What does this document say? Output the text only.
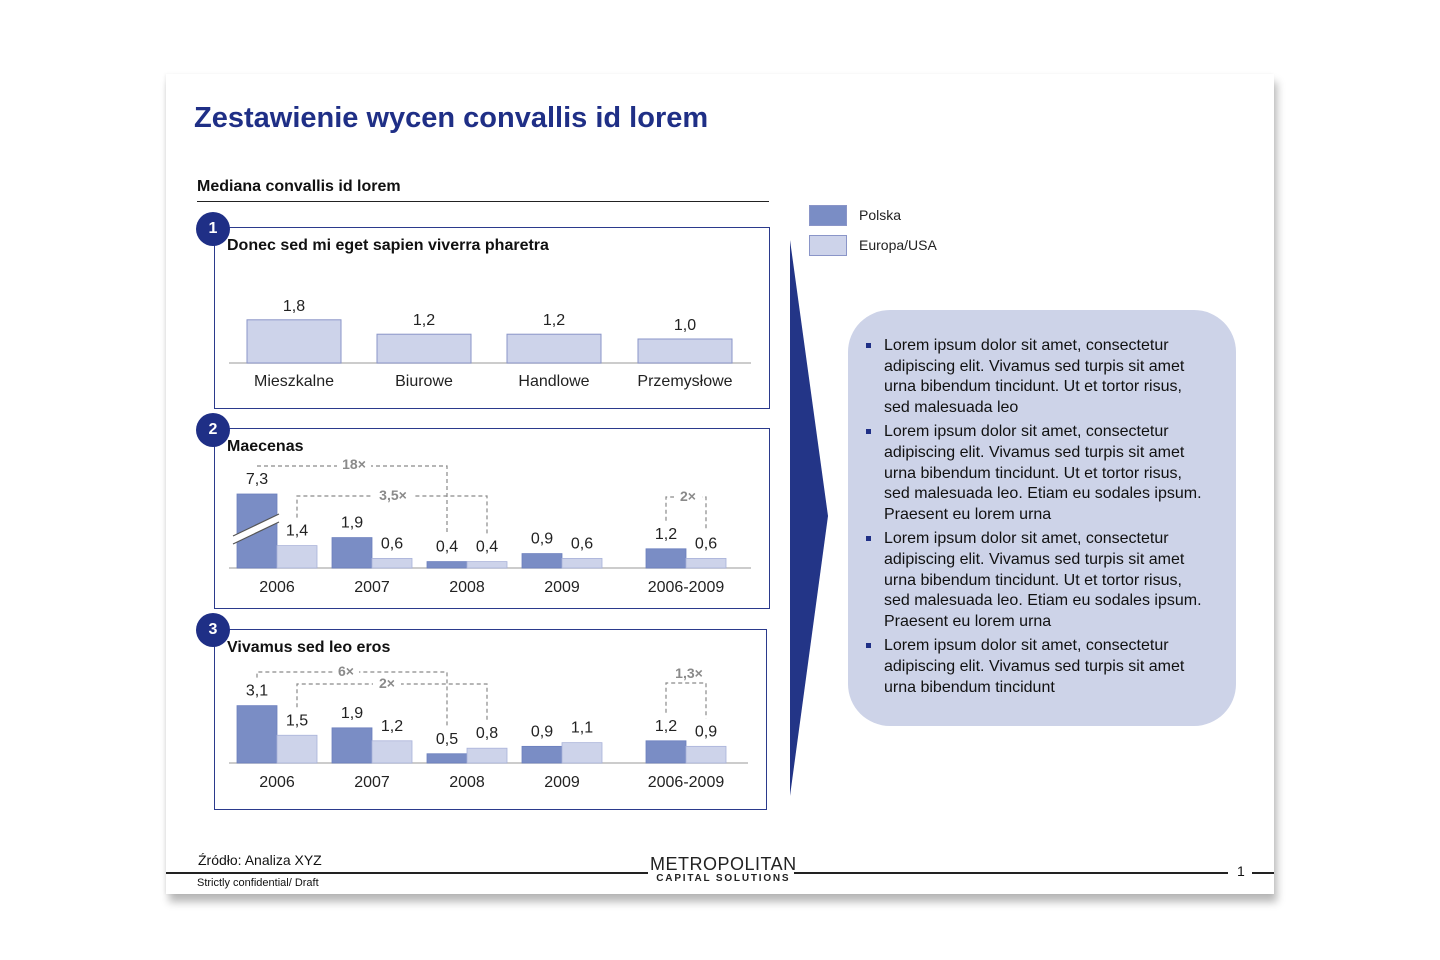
Zestawienie wycen convallis id lorem
Mediana convallis id lorem
Donec sed mi eget sapien viverra pharetra
1,8
Mieszkalne
1,2
Biurowe
1,2
Handlowe
1,0
Przemysłowe
1
Maecenas
7,3
1,4
2006
1,9
0,6
2007
0,4 0,4
2008
0,9 0,6
2009
1,2
0,6
2006-2009
18×
3,5×	2×
2
Vivamus sed leo eros
3,1
1,5
2006
1,9
1,2
2007
0,5 0,8
2008
0,9 1,1
2009
1,2 0,9
2006-2009
6×
2×
1,3×
3
Polska
Europa/USA
Lorem ipsum dolor sit amet, consectetur adipiscing elit. Vivamus sed turpis sit amet urna bibendum tincidunt. Ut et tortor risus, sed malesuada leo
Lorem ipsum dolor sit amet, consectetur adipiscing elit. Vivamus sed turpis sit amet urna bibendum tincidunt. Ut et tortor risus, sed malesuada leo. Etiam eu sodales ipsum. Praesent eu lorem urna
Lorem ipsum dolor sit amet, consectetur adipiscing elit. Vivamus sed turpis sit amet urna bibendum tincidunt. Ut et tortor risus, sed malesuada leo. Etiam eu sodales ipsum. Praesent eu lorem urna
Lorem ipsum dolor sit amet, consectetur adipiscing elit. Vivamus sed turpis sit amet urna bibendum tincidunt
Źródło: Analiza XYZ
Strictly confidential/ Draft
METROPOLITAN
CAPITAL SOLUTIONS	1
